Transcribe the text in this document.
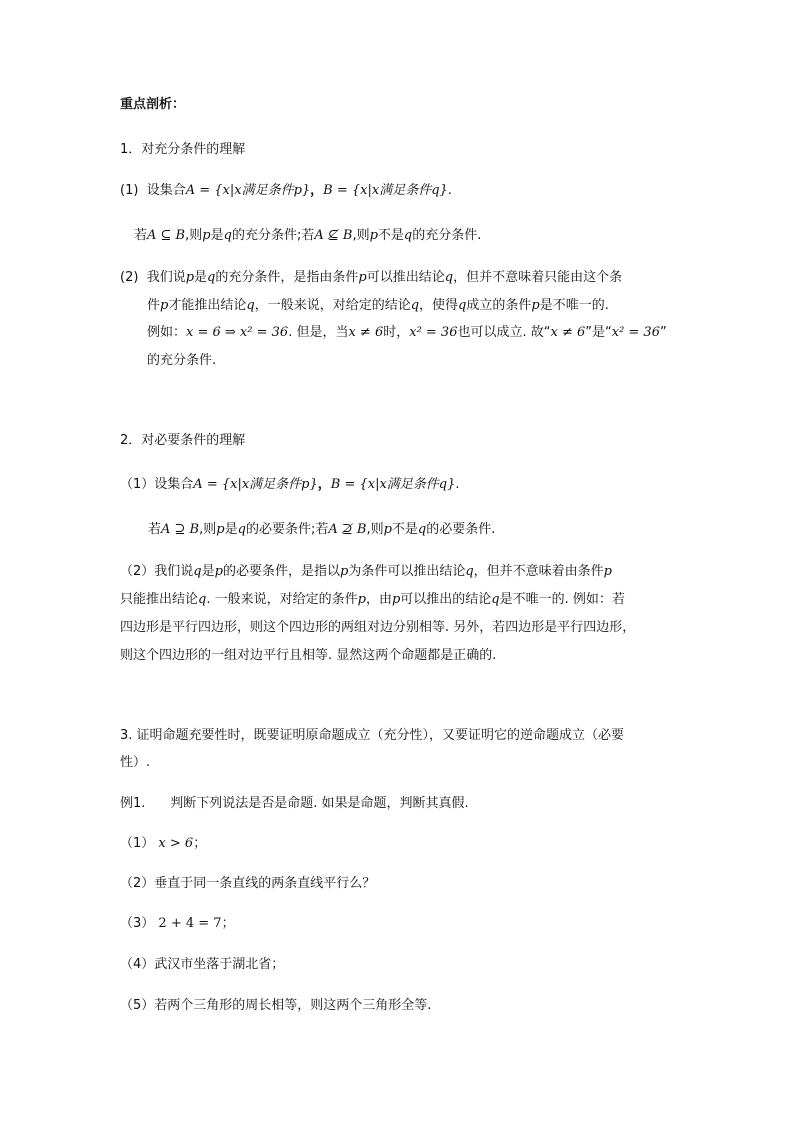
重点剖析：
1．对充分条件的理解
(1) 设集合A = {x|x满足条件p}，B = {x|x满足条件q}.
若A ⊆ B,则p是q的充分条件;若A ⊈ B,则p不是q的充分条件.
(2) 我们说p是q的充分条件，是指由条件p可以推出结论q，但并不意味着只能由这个条
件p才能推出结论q，一般来说，对给定的结论q，使得q成立的条件p是不唯一的.
例如：x = 6 ⇒ x² = 36. 但是，当x ≠ 6时，x² = 36也可以成立. 故“x ≠ 6”是“x² = 36”
的充分条件.
2．对必要条件的理解
（1）设集合A = {x|x满足条件p}，B = {x|x满足条件q}.
若A ⊇ B,则p是q的必要条件;若A ⊉ B,则p不是q的必要条件.
（2）我们说q是p的必要条件，是指以p为条件可以推出结论q，但并不意味着由条件p
只能推出结论q. 一般来说，对给定的条件p，由p可以推出的结论q是不唯一的. 例如：若
四边形是平行四边形，则这个四边形的两组对边分别相等. 另外，若四边形是平行四边形，
则这个四边形的一组对边平行且相等. 显然这两个命题都是正确的.
3. 证明命题充要性时，既要证明原命题成立（充分性），又要证明它的逆命题成立（必要
性）.
例1. 判断下列说法是否是命题. 如果是命题，判断其真假.
（1） x > 6；
（2）垂直于同一条直线的两条直线平行么？
（3） 2 + 4 = 7；
（4）武汉市坐落于湖北省；
（5）若两个三角形的周长相等，则这两个三角形全等.
